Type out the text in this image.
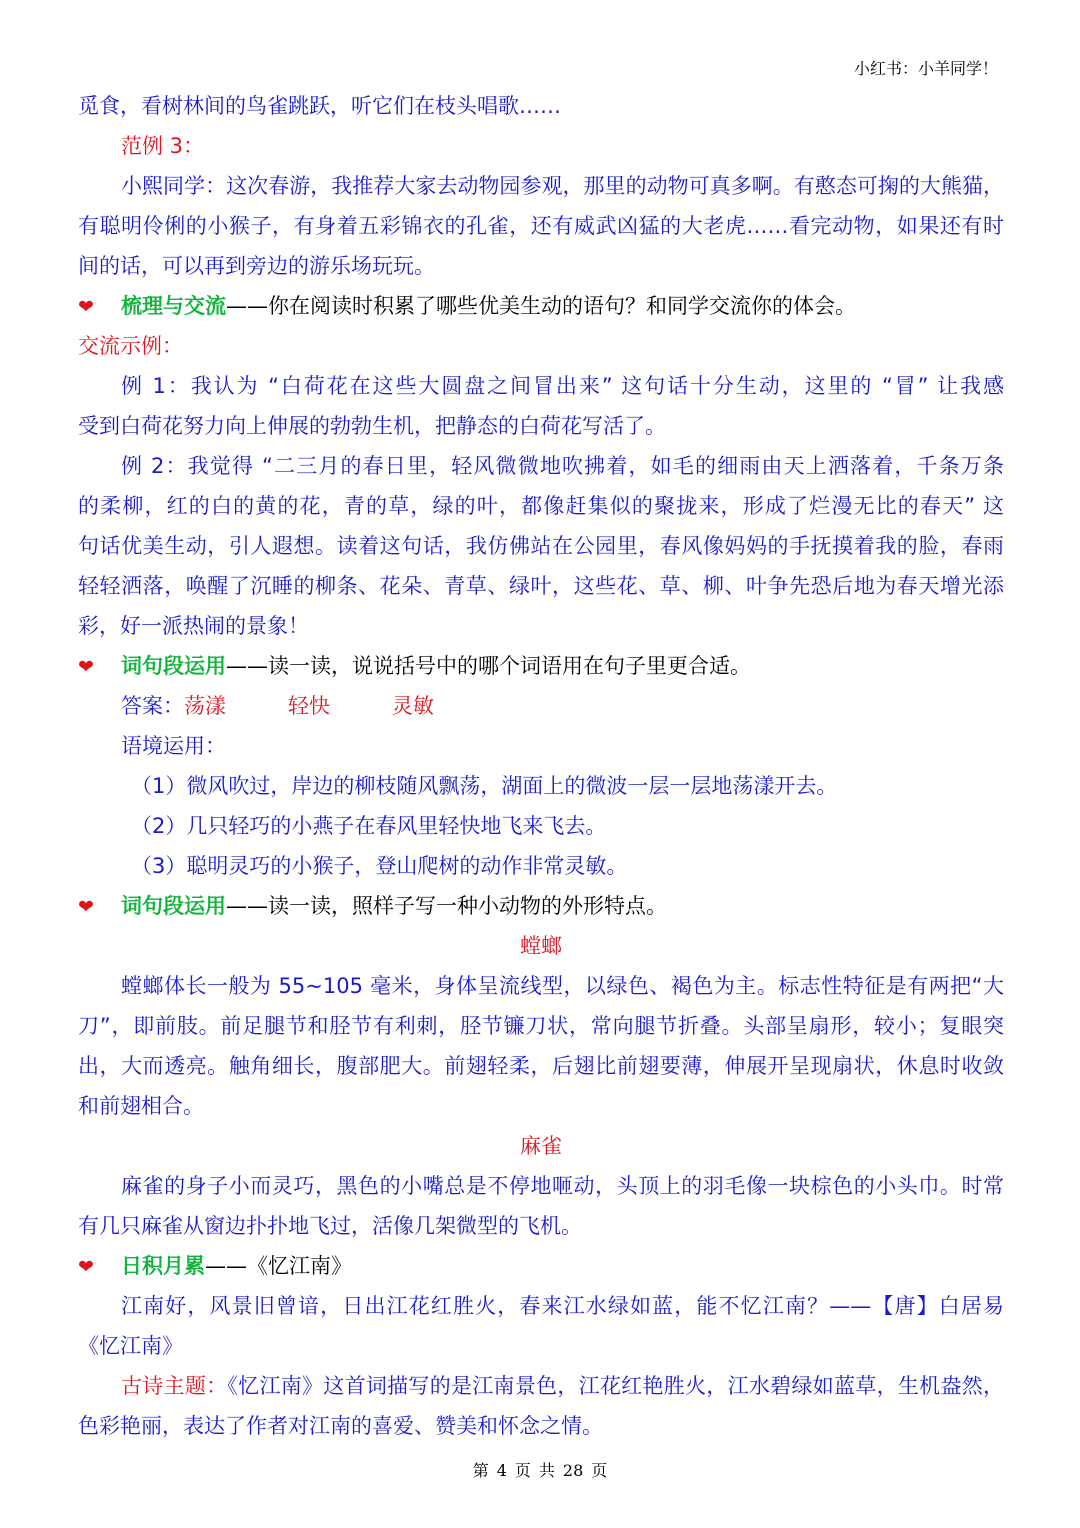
小红书：小羊同学！
觅食，看树林间的鸟雀跳跃，听它们在枝头唱歌……
范例 3：
小熙同学：这次春游，我推荐大家去动物园参观，那里的动物可真多啊。有憨态可掬的大熊猫，
有聪明伶俐的小猴子，有身着五彩锦衣的孔雀，还有威武凶猛的大老虎……看完动物，如果还有时
间的话，可以再到旁边的游乐场玩玩。
❤ 梳理与交流——你在阅读时积累了哪些优美生动的语句？和同学交流你的体会。
交流示例：
例 1：我认为 “白荷花在这些大圆盘之间冒出来” 这句话十分生动，这里的 “冒” 让我感
受到白荷花努力向上伸展的勃勃生机，把静态的白荷花写活了。
例 2：我觉得 “二三月的春日里，轻风微微地吹拂着，如毛的细雨由天上洒落着，千条万条
的柔柳，红的白的黄的花，青的草，绿的叶，都像赶集似的聚拢来，形成了烂漫无比的春天” 这
句话优美生动，引人遐想。读着这句话，我仿佛站在公园里，春风像妈妈的手抚摸着我的脸，春雨
轻轻洒落，唤醒了沉睡的柳条、花朵、青草、绿叶，这些花、草、柳、叶争先恐后地为春天增光添
彩，好一派热闹的景象！
❤ 词句段运用——读一读，说说括号中的哪个词语用在句子里更合适。
答案：荡漾	轻快	灵敏
语境运用：
（1）微风吹过，岸边的柳枝随风飘荡，湖面上的微波一层一层地荡漾开去。
（2）几只轻巧的小燕子在春风里轻快地飞来飞去。
（3）聪明灵巧的小猴子，登山爬树的动作非常灵敏。
❤ 词句段运用——读一读，照样子写一种小动物的外形特点。
螳螂
螳螂体长一般为 55~105 毫米，身体呈流线型，以绿色、褐色为主。标志性特征是有两把“大
刀”，即前肢。前足腿节和胫节有利刺，胫节镰刀状，常向腿节折叠。头部呈扇形，较小；复眼突
出，大而透亮。触角细长，腹部肥大。前翅轻柔，后翅比前翅要薄，伸展开呈现扇状，休息时收敛
和前翅相合。
麻雀
麻雀的身子小而灵巧，黑色的小嘴总是不停地咂动，头顶上的羽毛像一块棕色的小头巾。时常
有几只麻雀从窗边扑扑地飞过，活像几架微型的飞机。
❤ 日积月累——《忆江南》
江南好，风景旧曾谙，日出江花红胜火，春来江水绿如蓝，能不忆江南？——【唐】白居易
《忆江南》
古诗主题：《忆江南》这首词描写的是江南景色，江花红艳胜火，江水碧绿如蓝草，生机盎然，
色彩艳丽，表达了作者对江南的喜爱、赞美和怀念之情。
第 4 页 共 28 页
